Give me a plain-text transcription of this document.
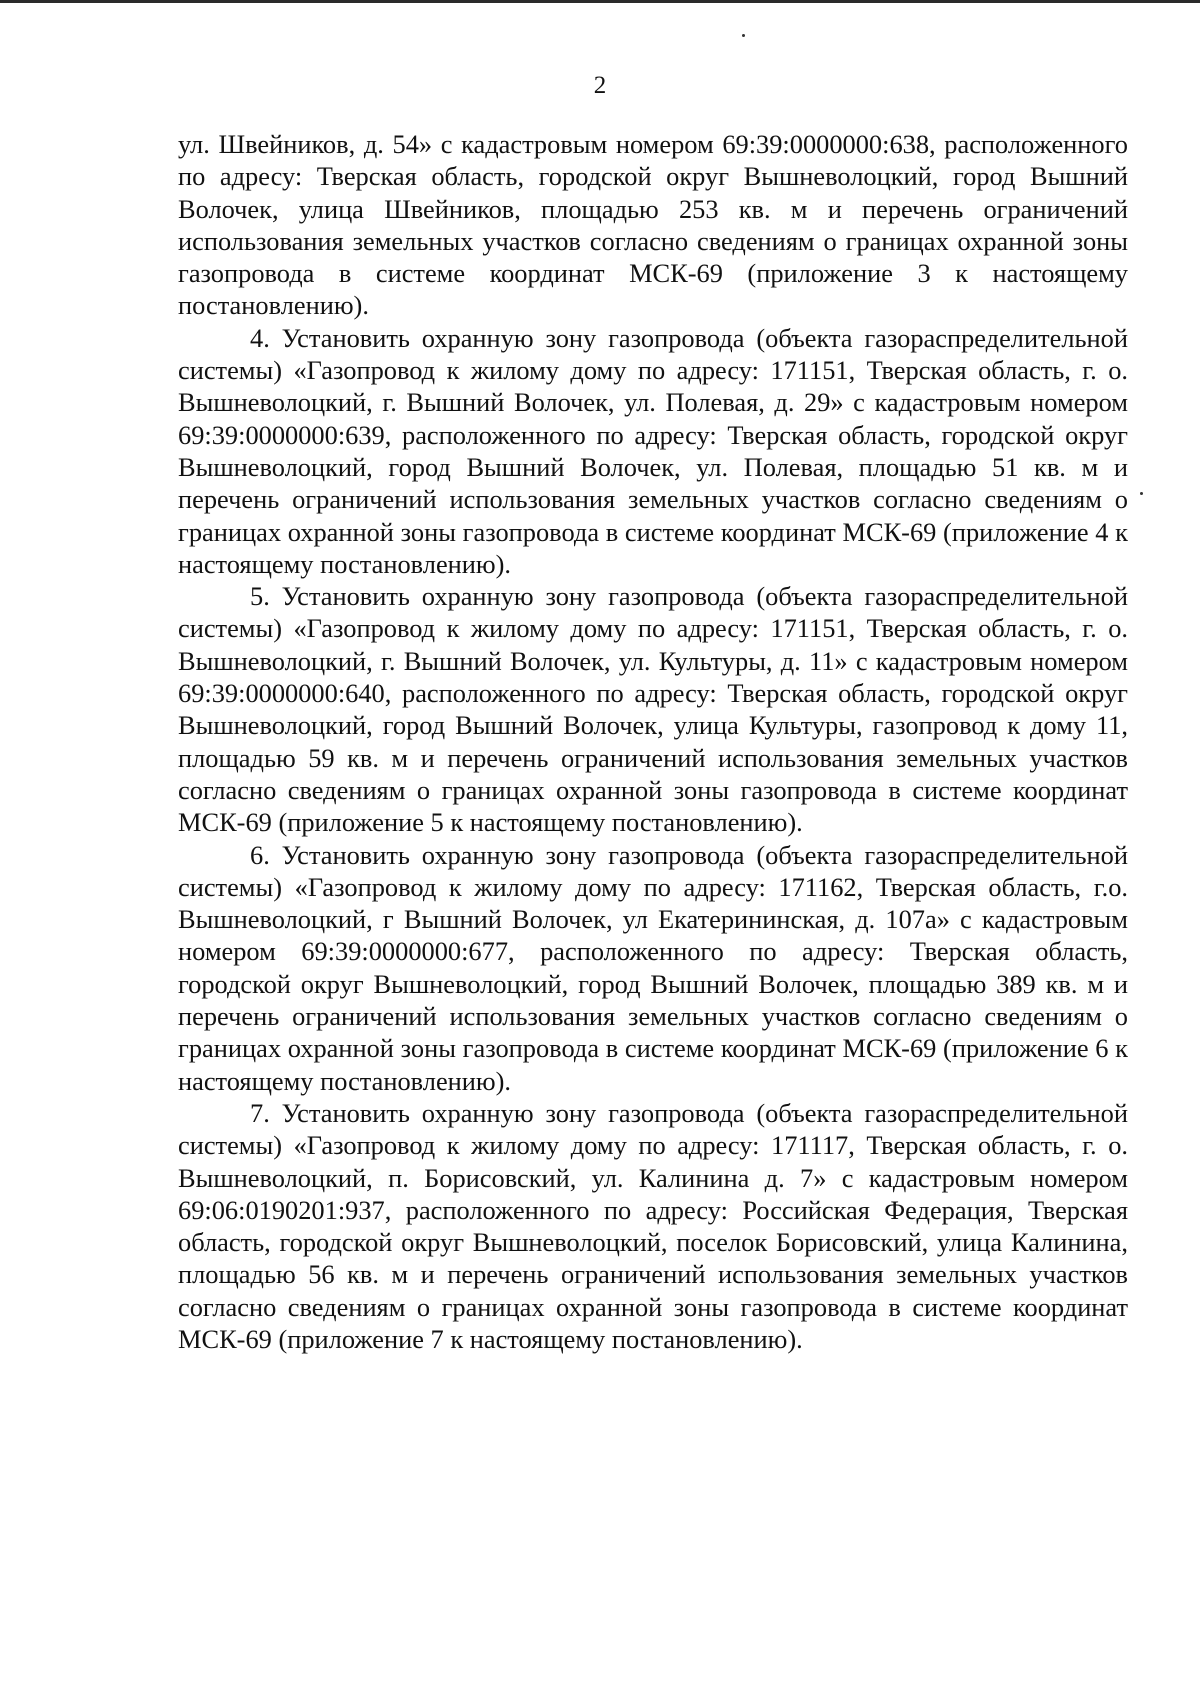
2

ул. Швейников, д. 54» с кадастровым номером 69:39:0000000:638, расположенного по адресу: Тверская область, городской округ Вышневолоцкий, город Вышний Волочек, улица Швейников, площадью 253 кв. м и перечень ограничений использования земельных участков согласно сведениям о границах охранной зоны газопровода в системе координат МСК-69 (приложение 3 к настоящему постановлению).

4. Установить охранную зону газопровода (объекта газораспределительной системы) «Газопровод к жилому дому по адресу: 171151, Тверская область, г. о. Вышневолоцкий, г. Вышний Волочек, ул. Полевая, д. 29» с кадастровым номером 69:39:0000000:639, расположенного по адресу: Тверская область, городской округ Вышневолоцкий, город Вышний Волочек, ул. Полевая, площадью 51 кв. м и перечень ограничений использования земельных участков согласно сведениям о границах охранной зоны газопровода в системе координат МСК-69 (приложение 4 к настоящему постановлению).

5. Установить охранную зону газопровода (объекта газораспределительной системы) «Газопровод к жилому дому по адресу: 171151, Тверская область, г. о. Вышневолоцкий, г. Вышний Волочек, ул. Культуры, д. 11» с кадастровым номером 69:39:0000000:640, расположенного по адресу: Тверская область, городской округ Вышневолоцкий, город Вышний Волочек, улица Культуры, газопровод к дому 11, площадью 59 кв. м и перечень ограничений использования земельных участков согласно сведениям о границах охранной зоны газопровода в системе координат МСК-69 (приложение 5 к настоящему постановлению).

6. Установить охранную зону газопровода (объекта газораспределительной системы) «Газопровод к жилому дому по адресу: 171162, Тверская область, г.о. Вышневолоцкий, г Вышний Волочек, ул Екатерининская, д. 107а» с кадастровым номером 69:39:0000000:677, расположенного по адресу: Тверская область, городской округ Вышневолоцкий, город Вышний Волочек, площадью 389 кв. м и перечень ограничений использования земельных участков согласно сведениям о границах охранной зоны газопровода в системе координат МСК-69 (приложение 6 к настоящему постановлению).

7. Установить охранную зону газопровода (объекта газораспределительной системы) «Газопровод к жилому дому по адресу: 171117, Тверская область, г. о. Вышневолоцкий, п. Борисовский, ул. Калинина д. 7» с кадастровым номером 69:06:0190201:937, расположенного по адресу: Российская Федерация, Тверская область, городской округ Вышневолоцкий, поселок Борисовский, улица Калинина, площадью 56 кв. м и перечень ограничений использования земельных участков согласно сведениям о границах охранной зоны газопровода в системе координат МСК-69 (приложение 7 к настоящему постановлению).
